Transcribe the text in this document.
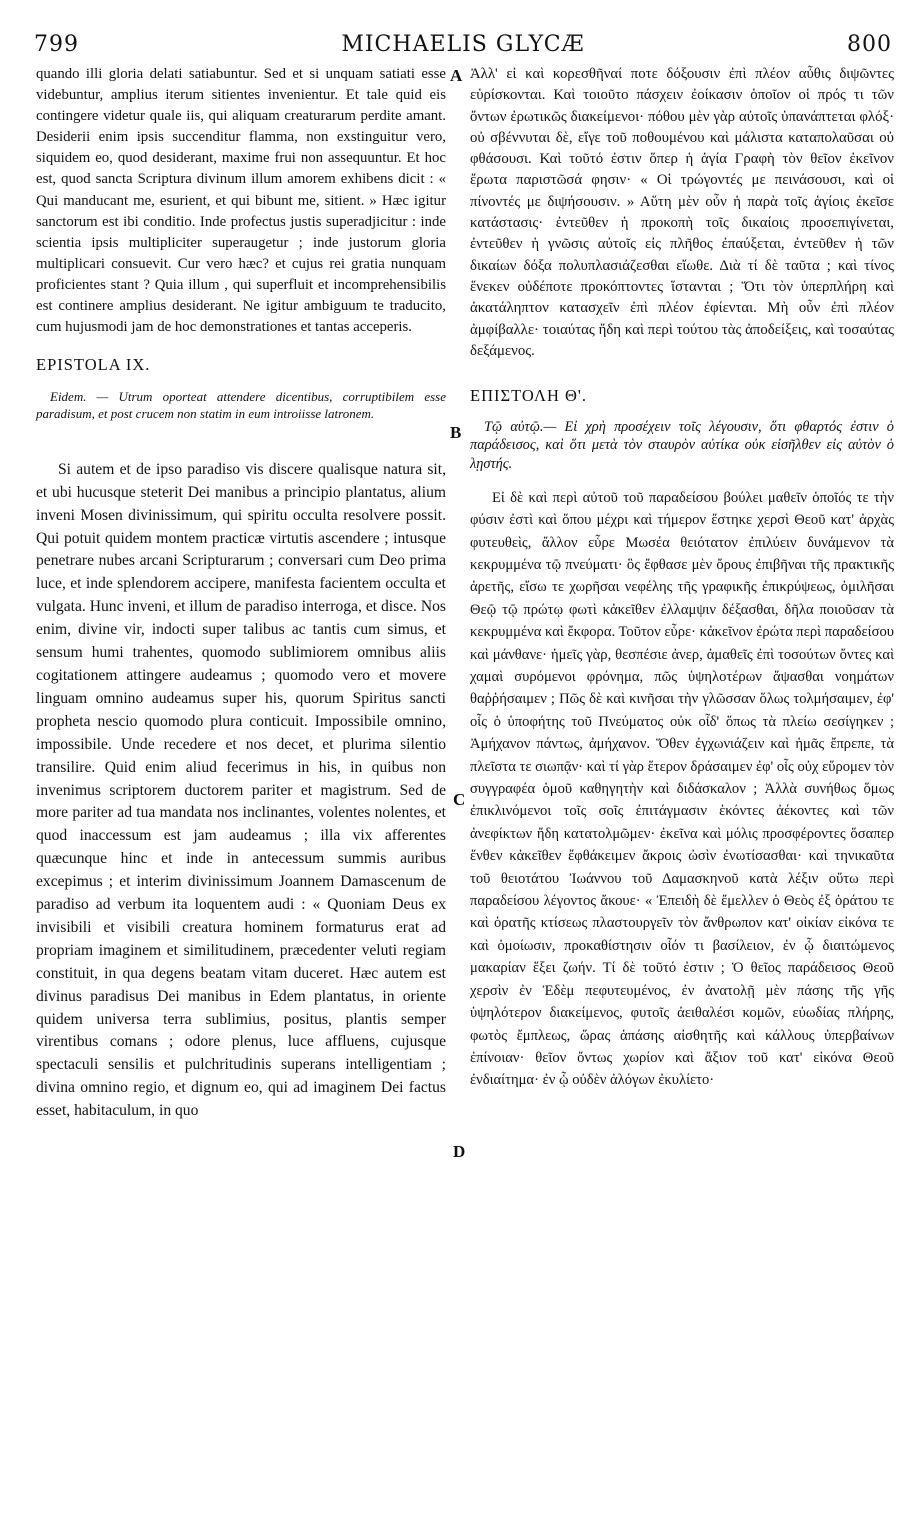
799	MICHAELIS GLYCÆ	800

quando illi gloria delati satiabuntur. Sed et si unquam satiati esse videbuntur, amplius iterum sitientes invenientur. Et tale quid eis contingere videtur quale iis, qui aliquam creaturarum perdite amant. Desiderii enim ipsis succenditur flamma, non exstinguitur vero, siquidem eo, quod desiderant, maxime frui non assequuntur. Et hoc est, quod sancta Scriptura divinum illum amorem exhibens dicit : « Qui manducant me, esurient, et qui bibunt me, sitient. » Hæc igitur sanctorum est ibi conditio. Inde profectus justis superadjicitur : inde scientia ipsis multipliciter superaugetur ; inde justorum gloria multiplicari consuevit. Cur vero hæc? et cujus rei gratia nunquam proficientes stant ? Quia illum , qui superfluit et incomprehensibilis est continere amplius desiderant. Ne igitur ambiguum te traducito, cum hujusmodi jam de hoc demonstrationes et tantas acceperis.

EPISTOLA IX.

Eidem. — Utrum oporteat attendere dicentibus, corruptibilem esse paradisum, et post crucem non statim in eum introiisse latronem.

Si autem et de ipso paradiso vis discere qualisque natura sit, et ubi hucusque steterit Dei manibus a principio plantatus, alium inveni Mosen divinissimum, qui spiritu occulta resolvere possit. Qui potuit quidem montem practicæ virtutis ascendere ; intusque penetrare nubes arcani Scripturarum ; conversari cum Deo prima luce, et inde splendorem accipere, manifesta facientem occulta et vulgata. Hunc inveni, et illum de paradiso interroga, et disce. Nos enim, divine vir, indocti super talibus ac tantis cum simus, et sensum humi trahentes, quomodo sublimiorem omnibus aliis cogitationem attingere audeamus ; quomodo vero et movere linguam omnino audeamus super his, quorum Spiritus sancti propheta nescio quomodo plura conticuit. Impossibile omnino, impossibile. Unde recedere et nos decet, et plurima silentio transilire. Quid enim aliud fecerimus in his, in quibus non invenimus scriptorem ductorem pariter et magistrum. Sed de more pariter ad tua mandata nos inclinantes, volentes nolentes, et quod inaccessum est jam audeamus ; illa vix afferentes quæcunque hinc et inde in antecessum summis auribus excepimus ; et interim divinissimum Joannem Damascenum de paradiso ad verbum ita loquentem audi : « Quoniam Deus ex invisibili et visibili creatura hominem formaturus erat ad propriam imaginem et similitudinem, præcedenter veluti regiam constituit, in qua degens beatam vitam duceret. Hæc autem est divinus paradisus Dei manibus in Edem plantatus, in oriente quidem universa terra sublimius, positus, plantis semper virentibus comans ; odore plenus, luce affluens, cujusque spectaculi sensilis et pulchritudinis superans intelligentiam ; divina omnino regio, et dignum eo, qui ad imaginem Dei factus esset, habitaculum, in quo

A
B
C
D

Ἀλλ' εἰ καὶ κορεσθῆναί ποτε δόξουσιν ἐπὶ πλέον αὖθις διψῶντες εὑρίσκονται. Καὶ τοιοῦτο πάσχειν ἐοίκασιν ὁποῖον οἱ πρός τι τῶν ὄντων ἐρωτικῶς διακείμενοι· πόθου μὲν γὰρ αὐτοῖς ὑπανάπτεται φλόξ· οὐ σβέννυται δὲ, εἴγε τοῦ ποθουμένου καὶ μάλιστα καταπολαῦσαι οὐ φθάσουσι. Καὶ τοῦτό ἐστιν ὅπερ ἡ ἁγία Γραφὴ τὸν θεῖον ἐκεῖνον ἔρωτα παριστῶσά φησιν· « Οἱ τρώγοντές με πεινάσουσι, καὶ οἱ πίνοντές με διψήσουσιν. » Αὕτη μὲν οὖν ἡ παρὰ τοῖς ἁγίοις ἐκεῖσε κατάστασις· ἐντεῦθεν ἡ προκοπὴ τοῖς δικαίοις προσεπιγίνεται, ἐντεῦθεν ἡ γνῶσις αὐτοῖς εἰς πλῆθος ἐπαύξεται, ἐντεῦθεν ἡ τῶν δικαίων δόξα πολυπλασιάζεσθαι εἴωθε. Διὰ τί δὲ ταῦτα ; καὶ τίνος ἕνεκεν οὐδέποτε προκόπτοντες ἵστανται ; Ὅτι τὸν ὑπερπλήρη καὶ ἀκατάληπτον κατασχεῖν ἐπὶ πλέον ἐφίενται. Μὴ οὖν ἐπὶ πλέον ἀμφίβαλλε· τοιαύτας ἤδη καὶ περὶ τούτου τὰς ἀποδείξεις, καὶ τοσαύτας δεξάμενος.

ΕΠΙΣΤΟΛΗ Θ'.

Τῷ αὐτῷ.— Εἰ χρὴ προσέχειν τοῖς λέγουσιν, ὅτι φθαρτός ἐστιν ὁ παράδεισος, καὶ ὅτι μετὰ τὸν σταυρὸν αὐτίκα οὐκ εἰσῆλθεν εἰς αὐτὸν ὁ λῃστής.

Εἰ δὲ καὶ περὶ αὐτοῦ τοῦ παραδείσου βούλει μαθεῖν ὁποῖός τε τὴν φύσιν ἐστὶ καὶ ὅπου μέχρι καὶ τήμερον ἕστηκε χερσὶ Θεοῦ κατ' ἀρχὰς φυτευθεὶς, ἄλλον εὗρε Μωσέα θειότατον ἐπιλύειν δυνάμενον τὰ κεκρυμμένα τῷ πνεύματι· ὃς ἔφθασε μὲν ὄρους ἐπιβῆναι τῆς πρακτικῆς ἀρετῆς, εἴσω τε χωρῆσαι νεφέλης τῆς γραφικῆς ἐπικρύψεως, ὁμιλῆσαι Θεῷ τῷ πρώτῳ φωτὶ κἀκεῖθεν ἐλλαμψιν δέξασθαι, δῆλα ποιοῦσαν τὰ κεκρυμμένα καὶ ἔκφορα. Τοῦτον εὗρε· κἀκεῖνον ἐρώτα περὶ παραδείσου καὶ μάνθανε· ἡμεῖς γὰρ, θεσπέσιε ἀνερ, ἀμαθεῖς ἐπὶ τοσούτων ὄντες καὶ χαμαὶ συρόμενοι φρόνημα, πῶς ὑψηλοτέρων ἅψασθαι νοημάτων θαῤῥήσαιμεν ; Πῶς δὲ καὶ κινῆσαι τὴν γλῶσσαν ὅλως τολμήσαιμεν, ἐφ' οἷς ὁ ὑποφήτης τοῦ Πνεύματος οὐκ οἶδ' ὅπως τὰ πλείω σεσίγηκεν ; Ἀμήχανον πάντως, ἀμήχανον. Ὅθεν ἐγχωνιάζειν καὶ ἡμᾶς ἔπρεπε, τὰ πλεῖστα τε σιωπᾷν· καὶ τί γὰρ ἕτερον δράσαιμεν ἐφ' οἷς οὐχ εὕρομεν τὸν συγγραφέα ὁμοῦ καθηγητὴν καὶ διδάσκαλον ; Ἀλλὰ συνήθως ὅμως ἐπικλινόμενοι τοῖς σοῖς ἐπιτάγμασιν ἑκόντες ἀέκοντες καὶ τῶν ἀνεφίκτων ἤδη κατατολμῶμεν· ἐκεῖνα καὶ μόλις προσφέροντες ὅσαπερ ἔνθεν κἀκεῖθεν ἔφθάκειμεν ἄκροις ὠσὶν ἐνωτίσασθαι· καὶ τηνικαῦτα τοῦ θειοτάτου Ἰωάννου τοῦ Δαμασκηνοῦ κατὰ λέξιν οὕτω περὶ παραδείσου λέγοντος ἄκουε· « Ἐπειδὴ δὲ ἔμελλεν ὁ Θεὸς ἐξ ὁράτου τε καὶ ὁρατῆς κτίσεως πλαστουργεῖν τὸν ἄνθρωπον κατ' οἰκίαν εἰκόνα τε καὶ ὁμοίωσιν, προκαθίστησιν οἷόν τι βασίλειον, ἐν ᾧ διαιτώμενος μακαρίαν ἕξει ζωήν. Τί δὲ τοῦτό ἐστιν ; Ὁ θεῖος παράδεισος Θεοῦ χερσὶν ἐν Ἐδὲμ πεφυτευμένος, ἐν ἀνατολῇ μὲν πάσης τῆς γῆς ὑψηλότερον διακείμενος, φυτοῖς ἀειθαλέσι κομῶν, εὐωδίας πλήρης, φωτὸς ἔμπλεως, ὥρας ἁπάσης αἰσθητῆς καὶ κάλλους ὑπερβαίνων ἐπίνοιαν· θεῖον ὄντως χωρίον καὶ ἄξιον τοῦ κατ' εἰκόνα Θεοῦ ἐνδιαίτημα· ἐν ᾧ οὐδὲν ἀλόγων ἐκυλίετο·
